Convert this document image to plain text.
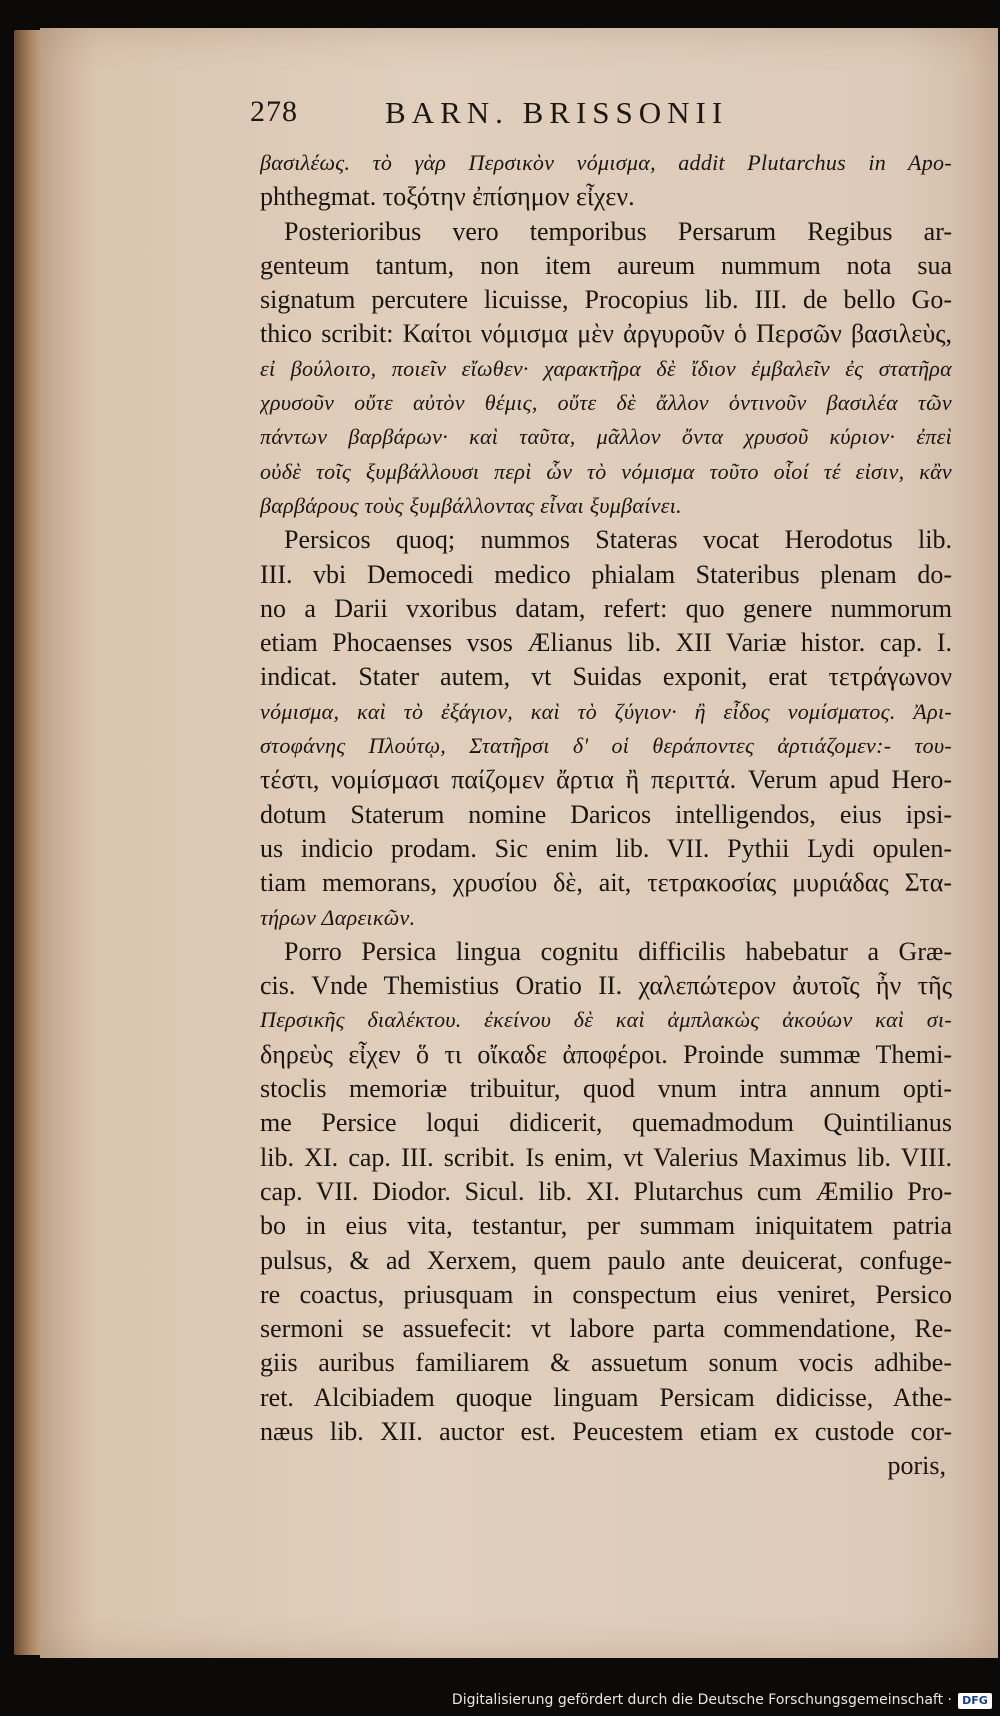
278	BARN. BRISSONII
βασιλέως. τὸ γὰρ Περσικὸν νόμισμα, addit Plutarchus in Apo-
phthegmat. τοξότην ἐπίσημον εἶχεν.
Posterioribus vero temporibus Persarum Regibus ar-
genteum tantum, non item aureum nummum nota sua
signatum percutere licuisse, Procopius lib. III. de bello Go-
thico scribit: Καίτοι νόμισμα μὲν ἀργυροῦν ὁ Περσῶν βασιλεὺς,
εἰ βούλοιτο, ποιεῖν εἴωθεν· χαρακτῆρα δὲ ἴδιον ἐμβαλεῖν ἐς στατῆρα
χρυσοῦν οὔτε αὐτὸν θέμις, οὔτε δὲ ἄλλον ὁντινοῦν βασιλέα τῶν
πάντων βαρβάρων· καὶ ταῦτα, μᾶλλον ὄντα χρυσοῦ κύριον· ἐπεὶ
οὐδὲ τοῖς ξυμβάλλουσι περὶ ὧν τὸ νόμισμα τοῦτο οἷοί τέ εἰσιν, κἂν
βαρβάρους τοὺς ξυμβάλλοντας εἶναι ξυμβαίνει.
Persicos quoq; nummos Stateras vocat Herodotus lib.
III. vbi Democedi medico phialam Stateribus plenam do-
no a Darii vxoribus datam, refert: quo genere nummorum
etiam Phocaenses vsos Ælianus lib. XII Variæ histor. cap. I.
indicat. Stater autem, vt Suidas exponit, erat τετράγωνον
νόμισμα, καὶ τὸ ἐξάγιον, καὶ τὸ ζύγιον· ἢ εἶδος νομίσματος. Ἀρι-
στοφάνης Πλούτῳ, Στατῆρσι δ' οἱ θεράποντες ἀρτιάζομεν:- του-
τέστι, νομίσμασι παίζομεν ἄρτια ἢ περιττά. Verum apud Hero-
dotum Staterum nomine Daricos intelligendos, eius ipsi-
us indicio prodam. Sic enim lib. VII. Pythii Lydi opulen-
tiam memorans, χρυσίου δὲ, ait, τετρακοσίας μυριάδας Στα-
τήρων Δαρεικῶν.
Porro Persica lingua cognitu difficilis habebatur a Græ-
cis. Vnde Themistius Oratio II. χαλεπώτερον ἀυτοῖς ἦν τῆς
Περσικῆς διαλέκτου. ἐκείνου δὲ καὶ ἀμπλακὼς ἀκούων καὶ σι-
δηρεὺς εἶχεν ὅ τι οἴκαδε ἀποφέροι. Proinde summæ Themi-
stoclis memoriæ tribuitur, quod vnum intra annum opti-
me Persice loqui didicerit, quemadmodum Quintilianus
lib. XI. cap. III. scribit. Is enim, vt Valerius Maximus lib. VIII.
cap. VII. Diodor. Sicul. lib. XI. Plutarchus cum Æmilio Pro-
bo in eius vita, testantur, per summam iniquitatem patria
pulsus, & ad Xerxem, quem paulo ante deuicerat, confuge-
re coactus, priusquam in conspectum eius veniret, Persico
sermoni se assuefecit: vt labore parta commendatione, Re-
giis auribus familiarem & assuetum sonum vocis adhibe-
ret. Alcibiadem quoque linguam Persicam didicisse, Athe-
næus lib. XII. auctor est. Peucestem etiam ex custode cor-
poris,
Digitalisierung gefördert durch die Deutsche Forschungsgemeinschaft · DFG
